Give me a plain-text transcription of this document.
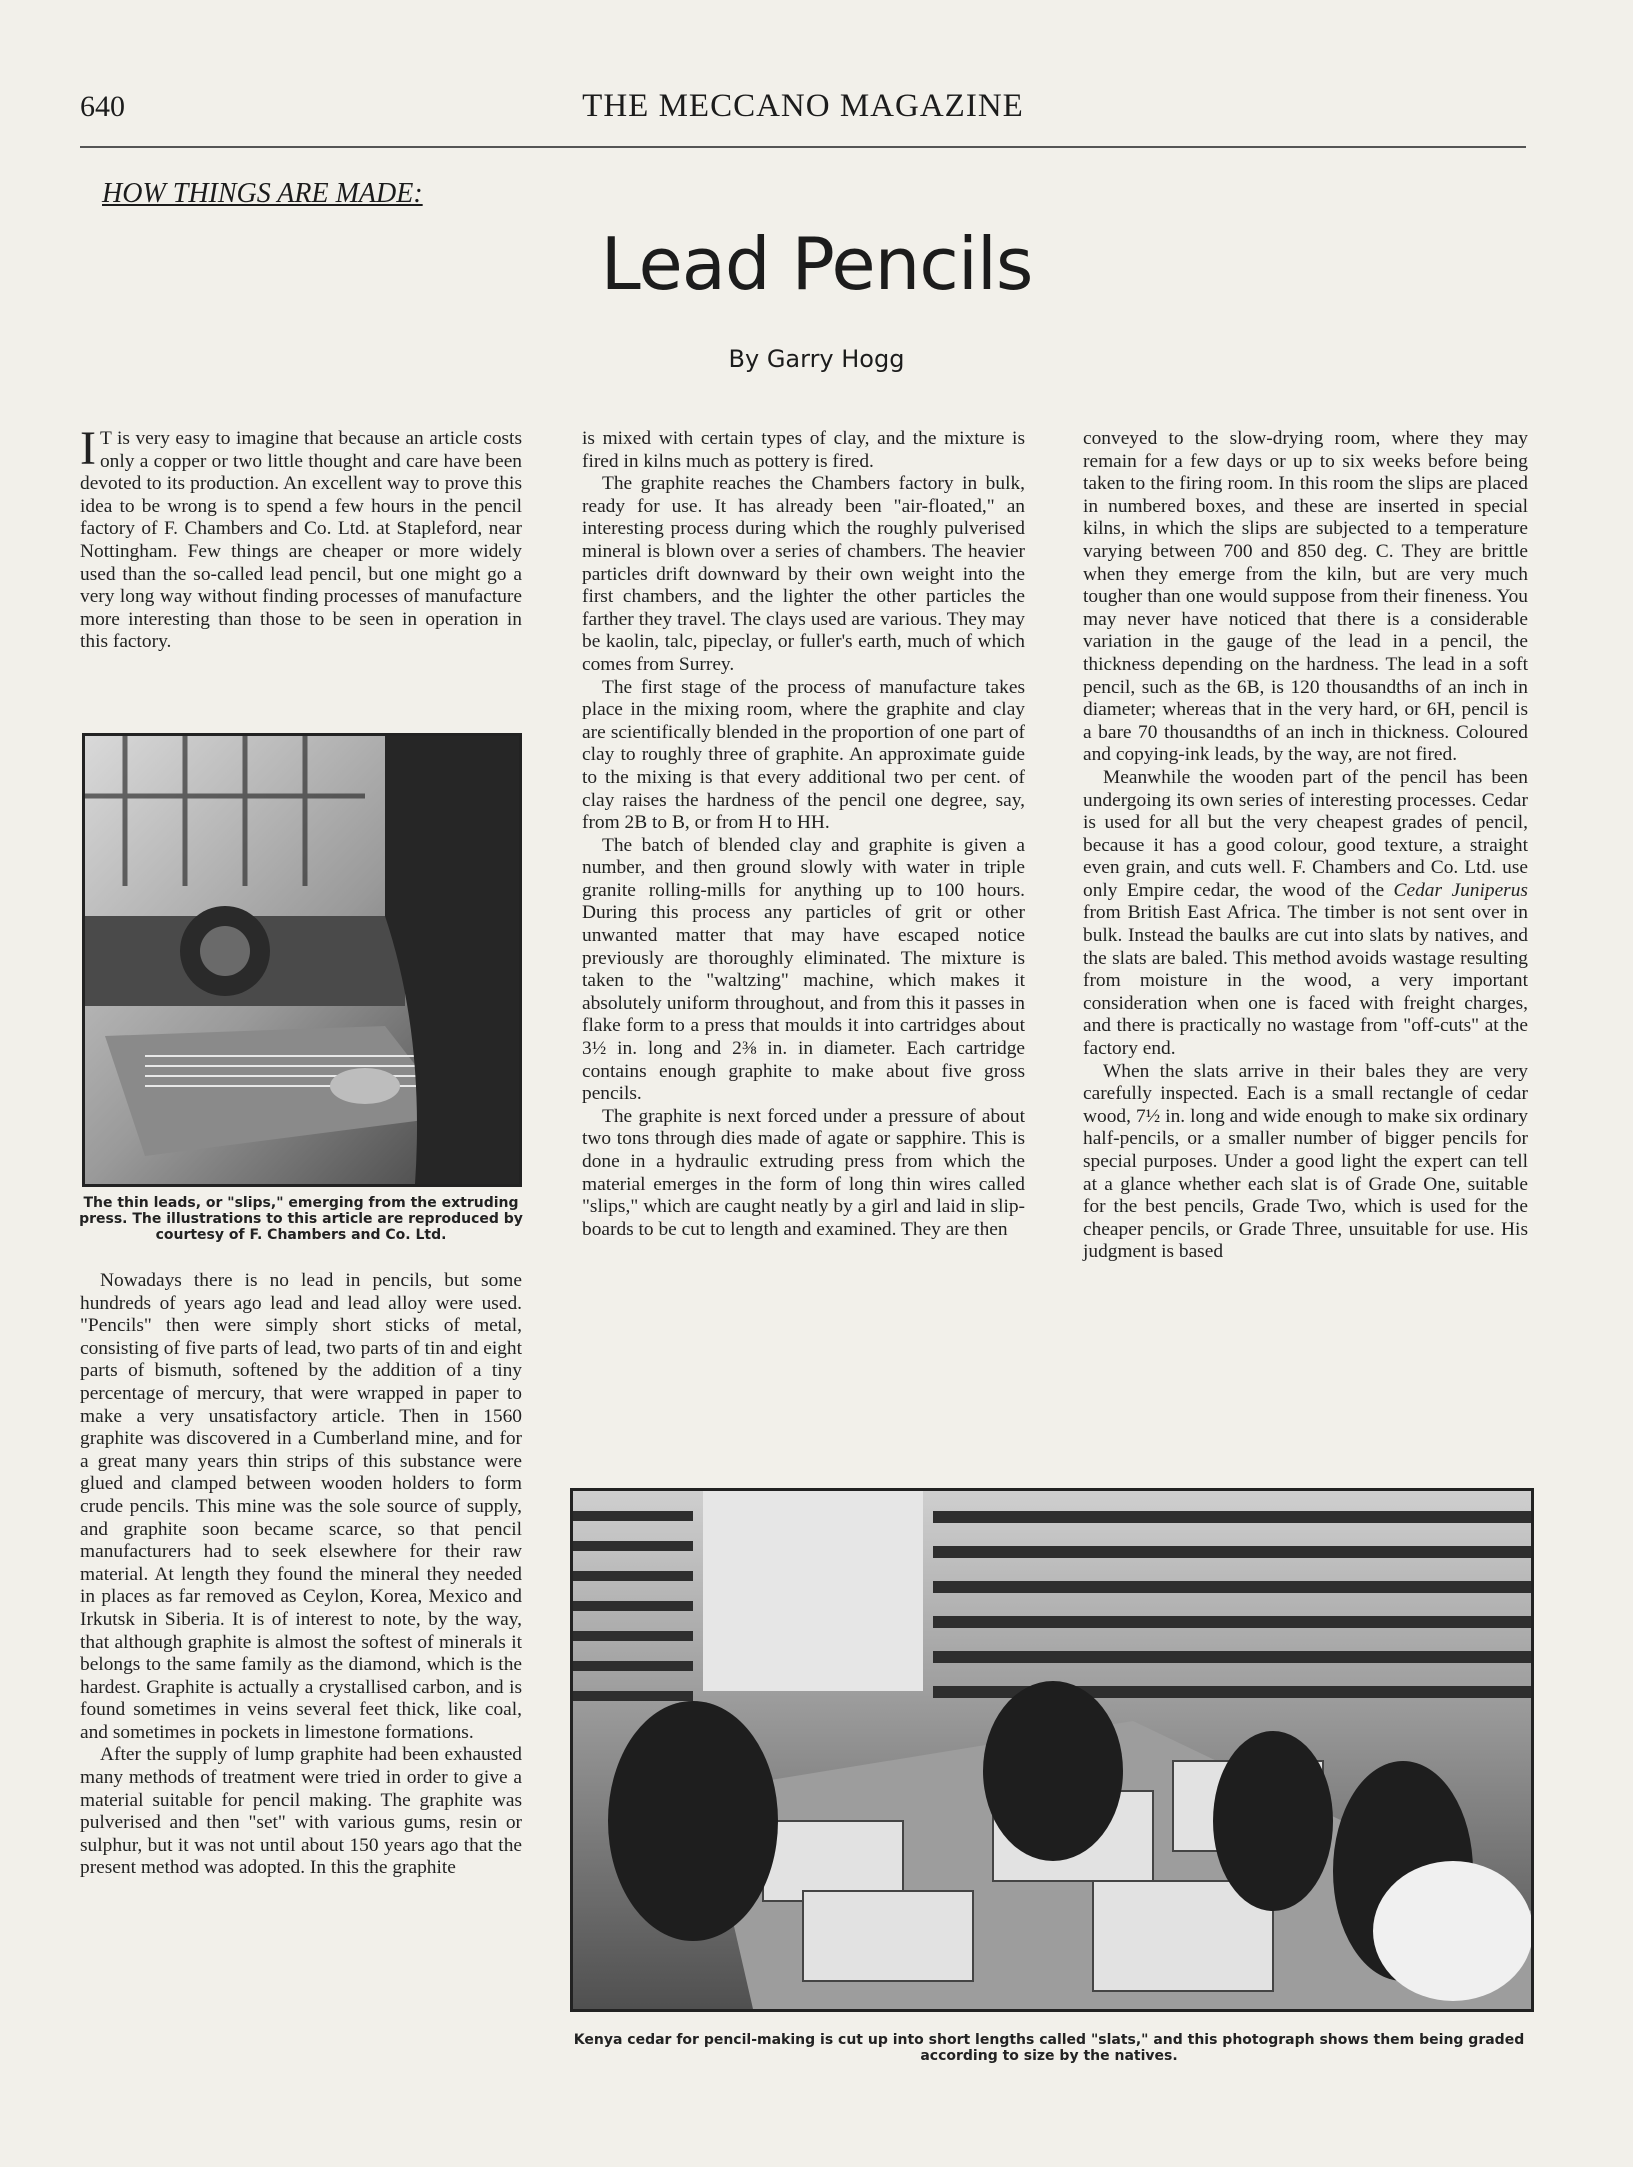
640	THE MECCANO MAGAZINE
HOW THINGS ARE MADE:
Lead Pencils
By Garry Hogg

I T is very easy to imagine that because an article costs only a copper or two little thought and care have been devoted to its production. An excellent way to prove this idea to be wrong is to spend a few hours in the pencil factory of F. Chambers and Co. Ltd. at Stapleford, near Nottingham. Few things are cheaper or more widely used than the so-called lead pencil, but one might go a very long way without finding processes of manufacture more interesting than those to be seen in operation in this factory.

The thin leads, or "slips," emerging from the extruding press. The illustrations to this article are reproduced by courtesy of F. Chambers and Co. Ltd.

Nowadays there is no lead in pencils, but some hundreds of years ago lead and lead alloy were used. "Pencils" then were simply short sticks of metal, consisting of five parts of lead, two parts of tin and eight parts of bismuth, softened by the addition of a tiny percentage of mercury, that were wrapped in paper to make a very unsatisfactory article. Then in 1560 graphite was discovered in a Cumberland mine, and for a great many years thin strips of this substance were glued and clamped between wooden holders to form crude pencils. This mine was the sole source of supply, and graphite soon became scarce, so that pencil manufacturers had to seek elsewhere for their raw material. At length they found the mineral they needed in places as far removed as Ceylon, Korea, Mexico and Irkutsk in Siberia. It is of interest to note, by the way, that although graphite is almost the softest of minerals it belongs to the same family as the diamond, which is the hardest. Graphite is actually a crystallised carbon, and is found sometimes in veins several feet thick, like coal, and sometimes in pockets in limestone formations.

After the supply of lump graphite had been exhausted many methods of treatment were tried in order to give a material suitable for pencil making. The graphite was pulverised and then "set" with various gums, resin or sulphur, but it was not until about 150 years ago that the present method was adopted. In this the graphite

is mixed with certain types of clay, and the mixture is fired in kilns much as pottery is fired.

The graphite reaches the Chambers factory in bulk, ready for use. It has already been "air-floated," an interesting process during which the roughly pulverised mineral is blown over a series of chambers. The heavier particles drift downward by their own weight into the first chambers, and the lighter the other particles the farther they travel. The clays used are various. They may be kaolin, talc, pipeclay, or fuller's earth, much of which comes from Surrey.

The first stage of the process of manufacture takes place in the mixing room, where the graphite and clay are scientifically blended in the proportion of one part of clay to roughly three of graphite. An approximate guide to the mixing is that every additional two per cent. of clay raises the hardness of the pencil one degree, say, from 2B to B, or from H to HH.

The batch of blended clay and graphite is given a number, and then ground slowly with water in triple granite rolling-mills for anything up to 100 hours. During this process any particles of grit or other unwanted matter that may have escaped notice previously are thoroughly eliminated. The mixture is taken to the "waltzing" machine, which makes it absolutely uniform throughout, and from this it passes in flake form to a press that moulds it into cartridges about 3½ in. long and 2⅜ in. in diameter. Each cartridge contains enough graphite to make about five gross pencils.

The graphite is next forced under a pressure of about two tons through dies made of agate or sapphire. This is done in a hydraulic extruding press from which the material emerges in the form of long thin wires called "slips," which are caught neatly by a girl and laid in slip-boards to be cut to length and examined. They are then

conveyed to the slow-drying room, where they may remain for a few days or up to six weeks before being taken to the firing room. In this room the slips are placed in numbered boxes, and these are inserted in special kilns, in which the slips are subjected to a temperature varying between 700 and 850 deg. C. They are brittle when they emerge from the kiln, but are very much tougher than one would suppose from their fineness. You may never have noticed that there is a considerable variation in the gauge of the lead in a pencil, the thickness depending on the hardness. The lead in a soft pencil, such as the 6B, is 120 thousandths of an inch in diameter; whereas that in the very hard, or 6H, pencil is a bare 70 thousandths of an inch in thickness. Coloured and copying-ink leads, by the way, are not fired.

Meanwhile the wooden part of the pencil has been undergoing its own series of interesting processes. Cedar is used for all but the very cheapest grades of pencil, because it has a good colour, good texture, a straight even grain, and cuts well. F. Chambers and Co. Ltd. use only Empire cedar, the wood of the Cedar Juniperus from British East Africa. The timber is not sent over in bulk. Instead the baulks are cut into slats by natives, and the slats are baled. This method avoids wastage resulting from moisture in the wood, a very important consideration when one is faced with freight charges, and there is practically no wastage from "off-cuts" at the factory end.

When the slats arrive in their bales they are very carefully inspected. Each is a small rectangle of cedar wood, 7½ in. long and wide enough to make six ordinary half-pencils, or a smaller number of bigger pencils for special purposes. Under a good light the expert can tell at a glance whether each slat is of Grade One, suitable for the best pencils, Grade Two, which is used for the cheaper pencils, or Grade Three, unsuitable for use. His judgment is based

Kenya cedar for pencil-making is cut up into short lengths called "slats," and this photograph shows them being graded according to size by the natives.
